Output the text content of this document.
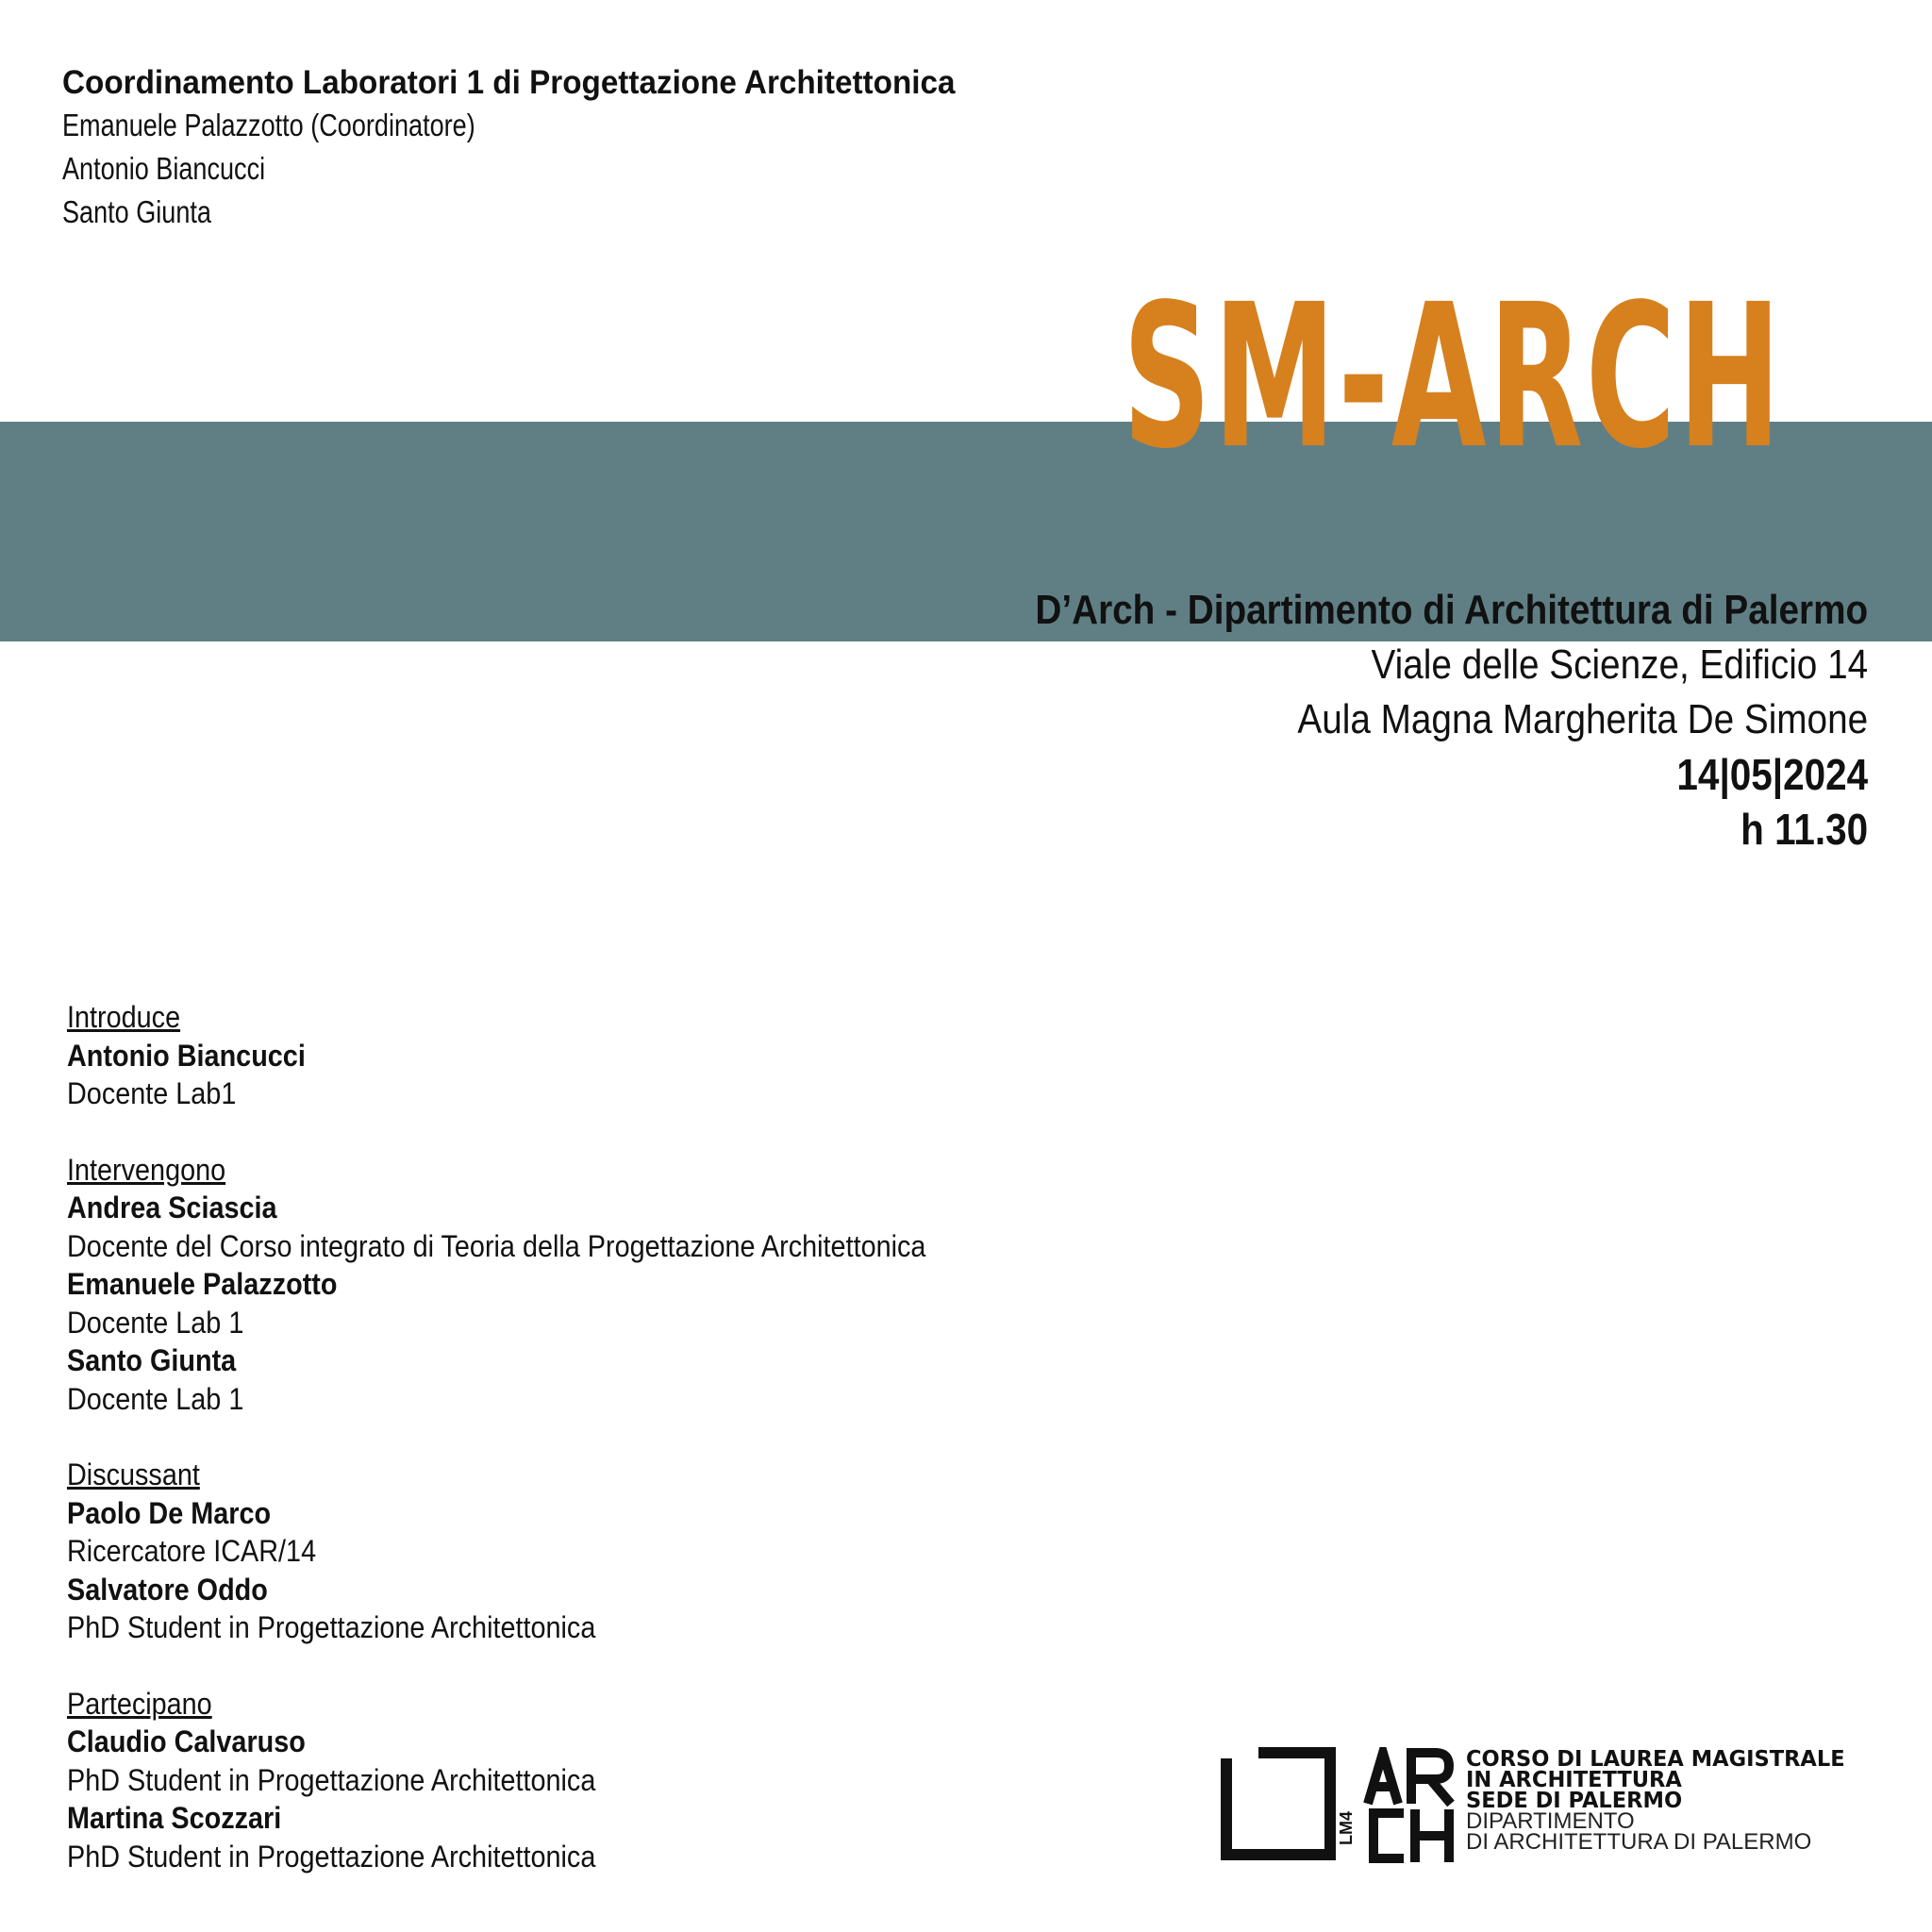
Coordinamento Laboratori 1 di Progettazione Architettonica
Emanuele Palazzotto (Coordinatore)
Antonio Biancucci
Santo Giunta
SM-ARCH
D’Arch - Dipartimento di Architettura di Palermo
Viale delle Scienze, Edificio 14
Aula Magna Margherita De Simone
14|05|2024
h 11.30
Introduce
Antonio Biancucci
Docente Lab1
Intervengono
Andrea Sciascia
Docente del Corso integrato di Teoria della Progettazione Architettonica
Emanuele Palazzotto
Docente Lab 1
Santo Giunta
Docente Lab 1
Discussant
Paolo De Marco
Ricercatore ICAR/14
Salvatore Oddo
PhD Student in Progettazione Architettonica
Partecipano
Claudio Calvaruso
PhD Student in Progettazione Architettonica
Martina Scozzari
PhD Student in Progettazione Architettonica
LM4
CORSO DI LAUREA MAGISTRALE
IN ARCHITETTURA
SEDE DI PALERMO
DIPARTIMENTO
DI ARCHITETTURA DI PALERMO
